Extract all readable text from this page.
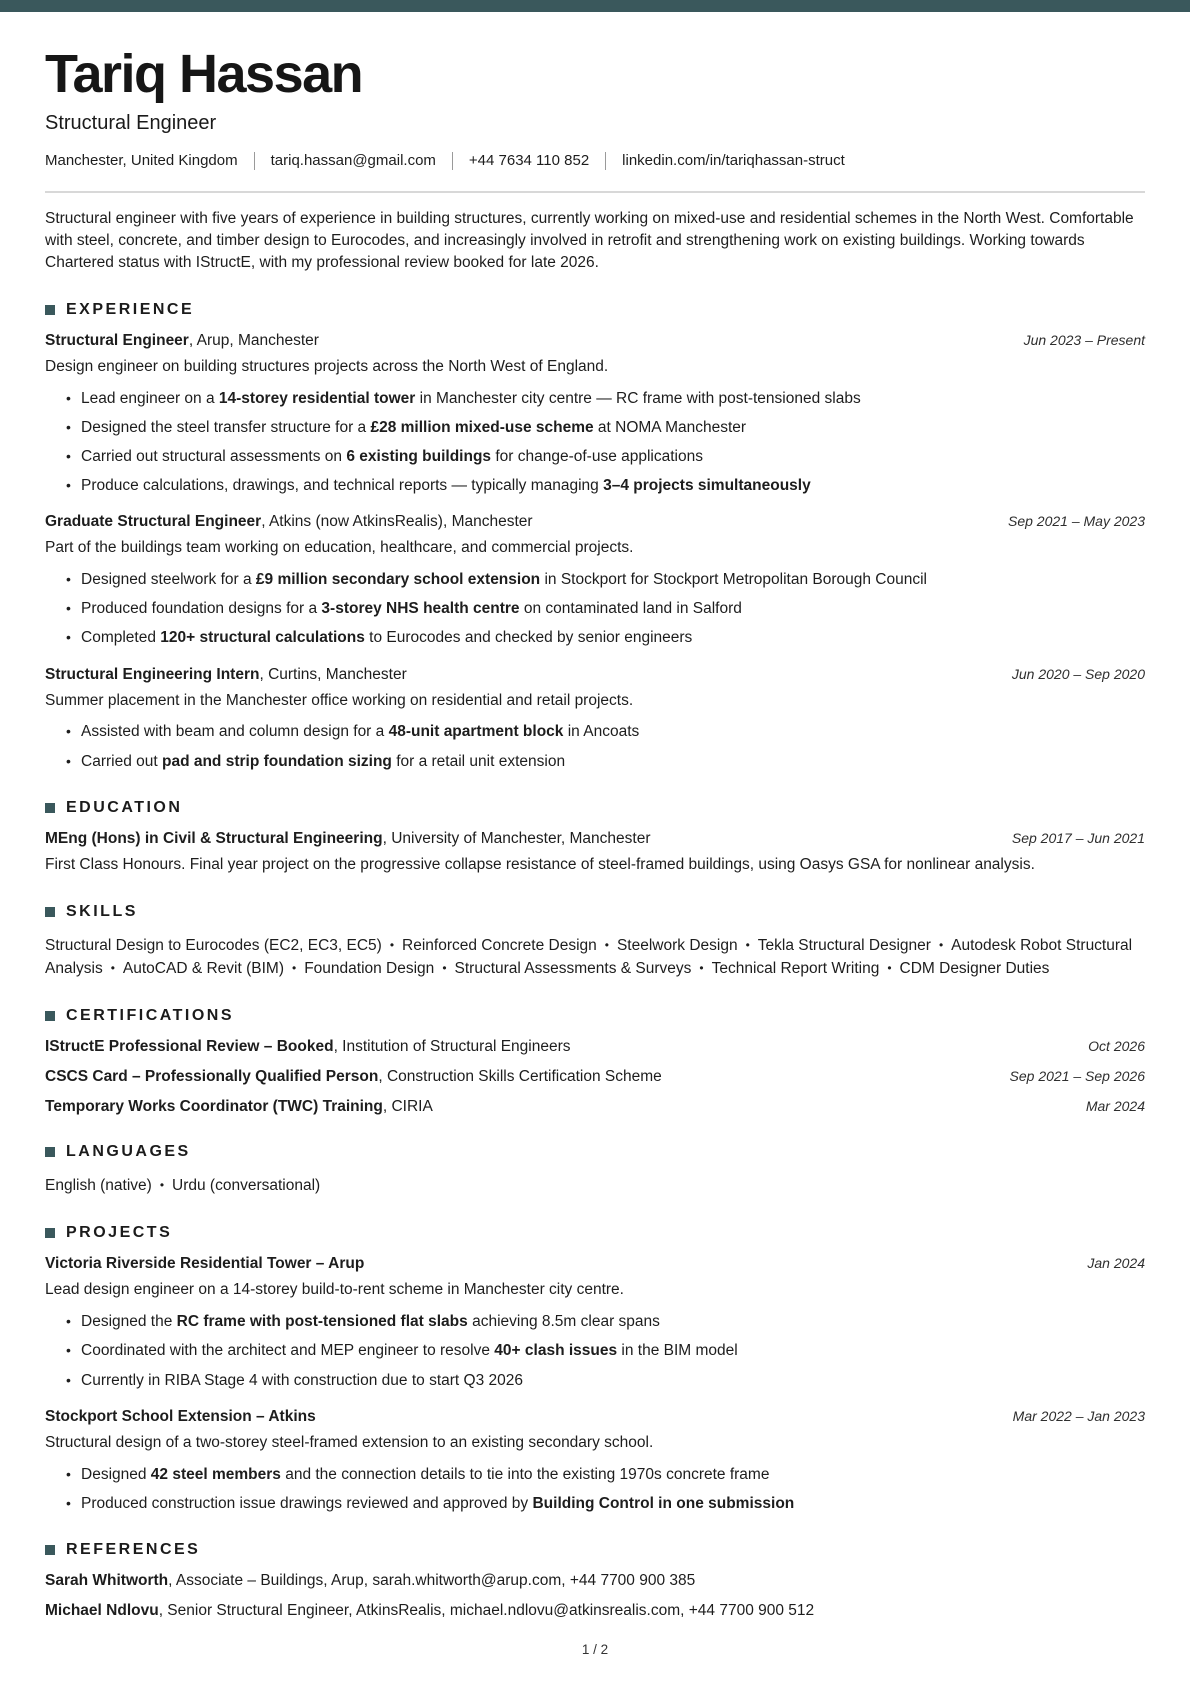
Tariq Hassan
Structural Engineer
Manchester, United Kingdom tariq.hassan@gmail.com +44 7634 110 852 linkedin.com/in/tariqhassan-struct

Structural engineer with five years of experience in building structures, currently working on mixed-use and residential schemes in the North West. Comfortable with steel, concrete, and timber design to Eurocodes, and increasingly involved in retrofit and strengthening work on existing buildings. Working towards Chartered status with IStructE, with my professional review booked for late 2026.

EXPERIENCE
Structural Engineer, Arup, Manchester	Jun 2023 – Present
Design engineer on building structures projects across the North West of England.
• Lead engineer on a 14-storey residential tower in Manchester city centre — RC frame with post-tensioned slabs
• Designed the steel transfer structure for a £28 million mixed-use scheme at NOMA Manchester
• Carried out structural assessments on 6 existing buildings for change-of-use applications
• Produce calculations, drawings, and technical reports — typically managing 3–4 projects simultaneously
Graduate Structural Engineer, Atkins (now AtkinsRealis), Manchester	Sep 2021 – May 2023
Part of the buildings team working on education, healthcare, and commercial projects.
• Designed steelwork for a £9 million secondary school extension in Stockport for Stockport Metropolitan Borough Council
• Produced foundation designs for a 3-storey NHS health centre on contaminated land in Salford
• Completed 120+ structural calculations to Eurocodes and checked by senior engineers
Structural Engineering Intern, Curtins, Manchester	Jun 2020 – Sep 2020
Summer placement in the Manchester office working on residential and retail projects.
• Assisted with beam and column design for a 48-unit apartment block in Ancoats
• Carried out pad and strip foundation sizing for a retail unit extension
EDUCATION
MEng (Hons) in Civil & Structural Engineering, University of Manchester, Manchester	Sep 2017 – Jun 2021
First Class Honours. Final year project on the progressive collapse resistance of steel-framed buildings, using Oasys GSA for nonlinear analysis.
SKILLS
Structural Design to Eurocodes (EC2, EC3, EC5) • Reinforced Concrete Design • Steelwork Design • Tekla Structural Designer • Autodesk Robot Structural Analysis • AutoCAD & Revit (BIM) • Foundation Design • Structural Assessments & Surveys • Technical Report Writing • CDM Designer Duties
CERTIFICATIONS
IStructE Professional Review – Booked, Institution of Structural Engineers	Oct 2026
CSCS Card – Professionally Qualified Person, Construction Skills Certification Scheme	Sep 2021 – Sep 2026
Temporary Works Coordinator (TWC) Training, CIRIA	Mar 2024
LANGUAGES
English (native) • Urdu (conversational)
PROJECTS
Victoria Riverside Residential Tower – Arup	Jan 2024
Lead design engineer on a 14-storey build-to-rent scheme in Manchester city centre.
• Designed the RC frame with post-tensioned flat slabs achieving 8.5m clear spans
• Coordinated with the architect and MEP engineer to resolve 40+ clash issues in the BIM model
• Currently in RIBA Stage 4 with construction due to start Q3 2026
Stockport School Extension – Atkins	Mar 2022 – Jan 2023
Structural design of a two-storey steel-framed extension to an existing secondary school.
• Designed 42 steel members and the connection details to tie into the existing 1970s concrete frame
• Produced construction issue drawings reviewed and approved by Building Control in one submission
REFERENCES
Sarah Whitworth, Associate – Buildings, Arup, sarah.whitworth@arup.com, +44 7700 900 385
Michael Ndlovu, Senior Structural Engineer, AtkinsRealis, michael.ndlovu@atkinsrealis.com, +44 7700 900 512
1 / 2
